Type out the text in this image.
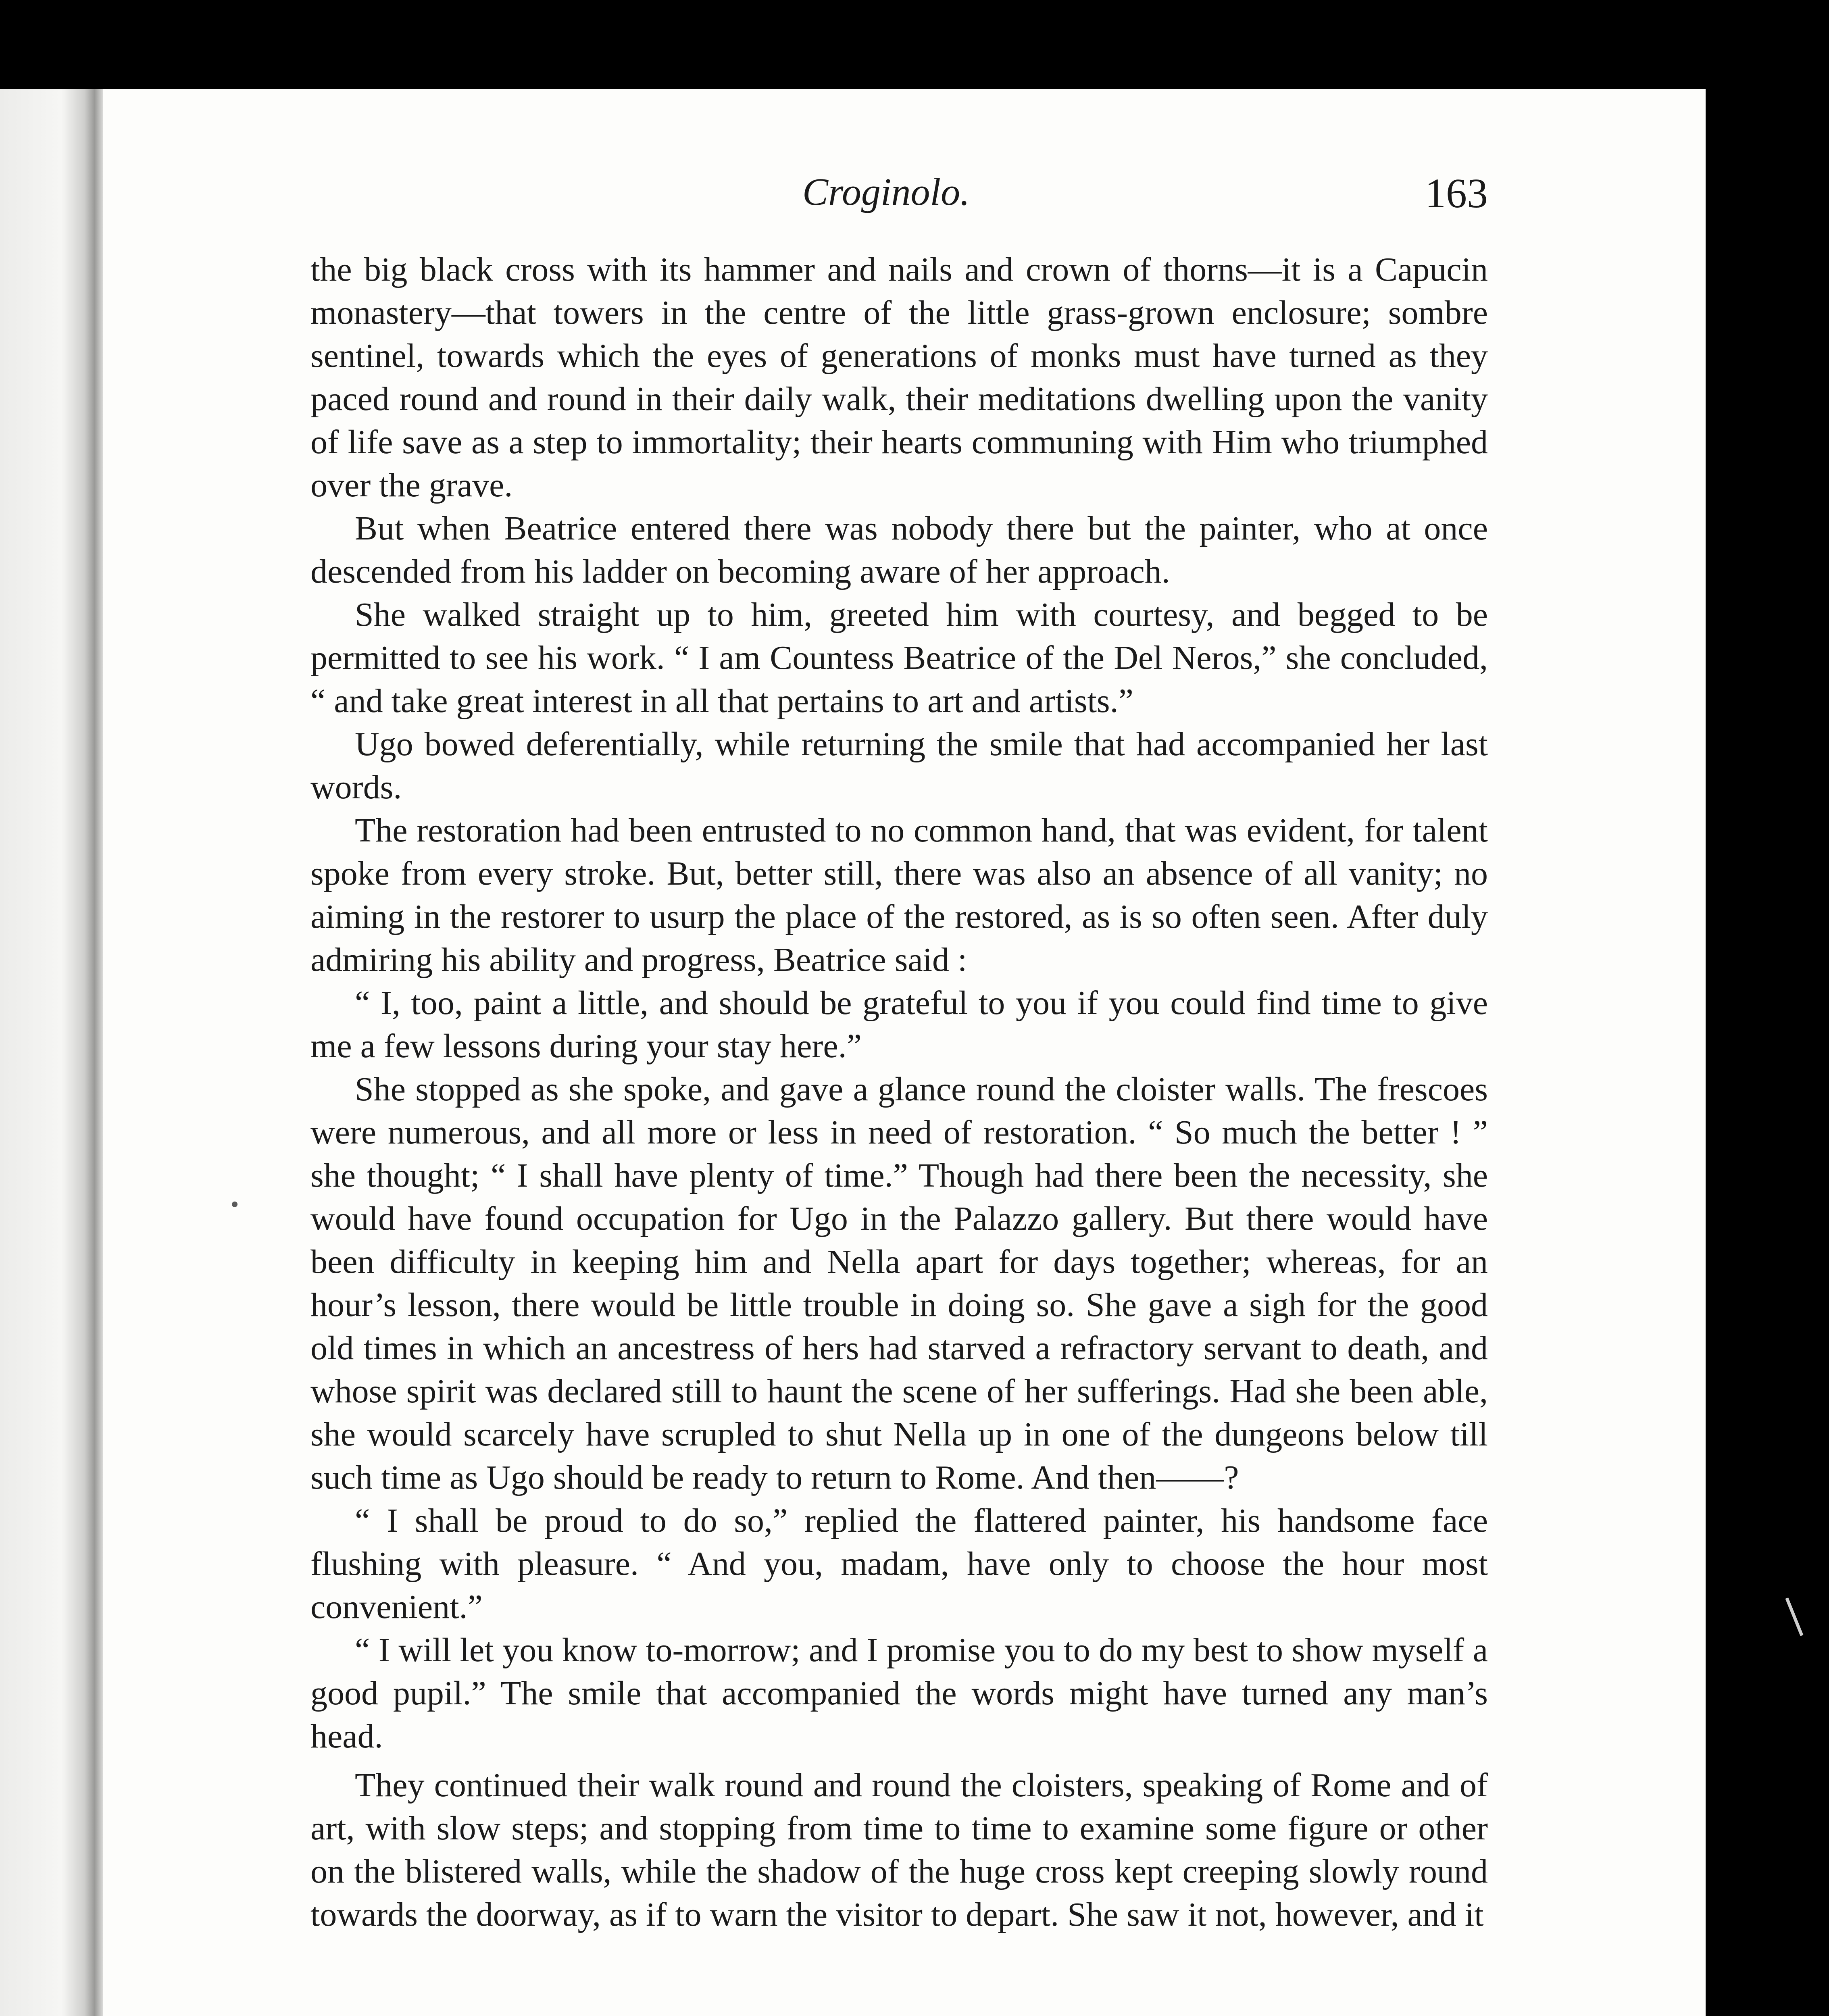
Croginolo.	163

the big black cross with its hammer and nails and crown of thorns—it is a Capucin monastery—that towers in the centre of the little grass-grown enclosure; sombre sentinel, towards which the eyes of generations of monks must have turned as they paced round and round in their daily walk, their meditations dwelling upon the vanity of life save as a step to immortality; their hearts communing with Him who triumphed over the grave.

But when Beatrice entered there was nobody there but the painter, who at once descended from his ladder on becoming aware of her approach.

She walked straight up to him, greeted him with courtesy, and begged to be permitted to see his work. “ I am Countess Beatrice of the Del Neros,” she concluded, “ and take great interest in all that pertains to art and artists.”

Ugo bowed deferentially, while returning the smile that had accompanied her last words.

The restoration had been entrusted to no common hand, that was evident, for talent spoke from every stroke. But, better still, there was also an absence of all vanity; no aiming in the restorer to usurp the place of the restored, as is so often seen. After duly admiring his ability and progress, Beatrice said :

“ I, too, paint a little, and should be grateful to you if you could find time to give me a few lessons during your stay here.”

She stopped as she spoke, and gave a glance round the cloister walls. The frescoes were numerous, and all more or less in need of restoration. “ So much the better ! ” she thought; “ I shall have plenty of time.” Though had there been the necessity, she would have found occupation for Ugo in the Palazzo gallery. But there would have been difficulty in keeping him and Nella apart for days together; whereas, for an hour’s lesson, there would be little trouble in doing so. She gave a sigh for the good old times in which an ancestress of hers had starved a refractory servant to death, and whose spirit was declared still to haunt the scene of her sufferings. Had she been able, she would scarcely have scrupled to shut Nella up in one of the dungeons below till such time as Ugo should be ready to return to Rome. And then——?

“ I shall be proud to do so,” replied the flattered painter, his handsome face flushing with pleasure. “ And you, madam, have only to choose the hour most convenient.”

“ I will let you know to-morrow; and I promise you to do my best to show myself a good pupil.” The smile that accompanied the words might have turned any man’s head.

They continued their walk round and round the cloisters, speaking of Rome and of art, with slow steps; and stopping from time to time to examine some figure or other on the blistered walls, while the shadow of the huge cross kept creeping slowly round towards the doorway, as if to warn the visitor to depart. She saw it not, however, and it
